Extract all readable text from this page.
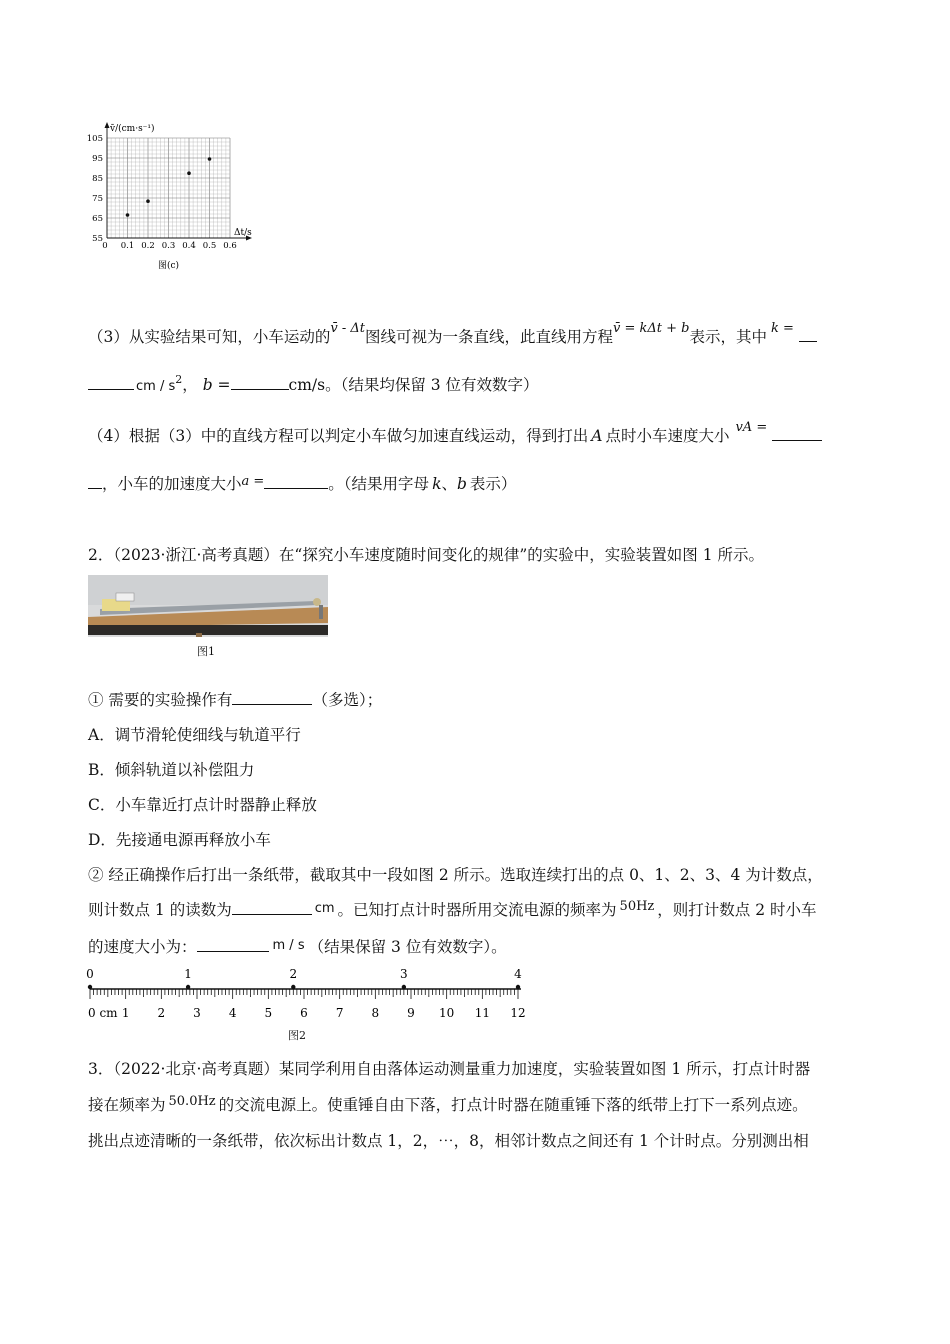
105
95
85
75
65
55
0 0.1 0.2 0.3 0.4 0.5 0.6
v̄/(cm·s⁻¹)
Δt/s
图(c)
（3）从实验结果可知，小车运动的$^{v̄ - \Delta t}$图线可视为一条直线，此直线用方程$^{v̄ = k\Delta t + b}$表示，其中 $^{k =}$
cm / $s^2$， b =	cm/s。（结果均保留 3 位有效数字）
（4）根据（3）中的直线方程可以判定小车做匀加速直线运动，得到打出 A 点时小车速度大小 $^{vA =}$
，小车的加速度大小$^{a =}$	。（结果用字母 k、b 表示）
2．（2023·浙江·高考真题）在“探究小车速度随时间变化的规律”的实验中，实验装置如图 1 所示。
图1
① 需要的实验操作有	（多选）；
A．调节滑轮使细线与轨道平行
B．倾斜轨道以补偿阻力
C．小车靠近打点计时器静止释放
D．先接通电源再释放小车
② 经正确操作后打出一条纸带，截取其中一段如图 2 所示。选取连续打出的点 0、1、2、3、4 为计数点，
则计数点 1 的读数为	cm 。已知打点计时器所用交流电源的频率为 $^{50Hz}$ ，则打计数点 2 时小车
的速度大小为：	m / s （结果保留 3 位有效数字）。
0	1	2	3	4
0 cm 1 2 3 4 5 6 7 8 9 10 11 12
图2
3．（2022·北京·高考真题）某同学利用自由落体运动测量重力加速度，实验装置如图 1 所示，打点计时器
接在频率为 $^{50.0Hz}$ 的交流电源上。使重锤自由下落，打点计时器在随重锤下落的纸带上打下一系列点迹。
挑出点迹清晰的一条纸带，依次标出计数点 1，2，⋯，8，相邻计数点之间还有 1 个计时点。分别测出相
